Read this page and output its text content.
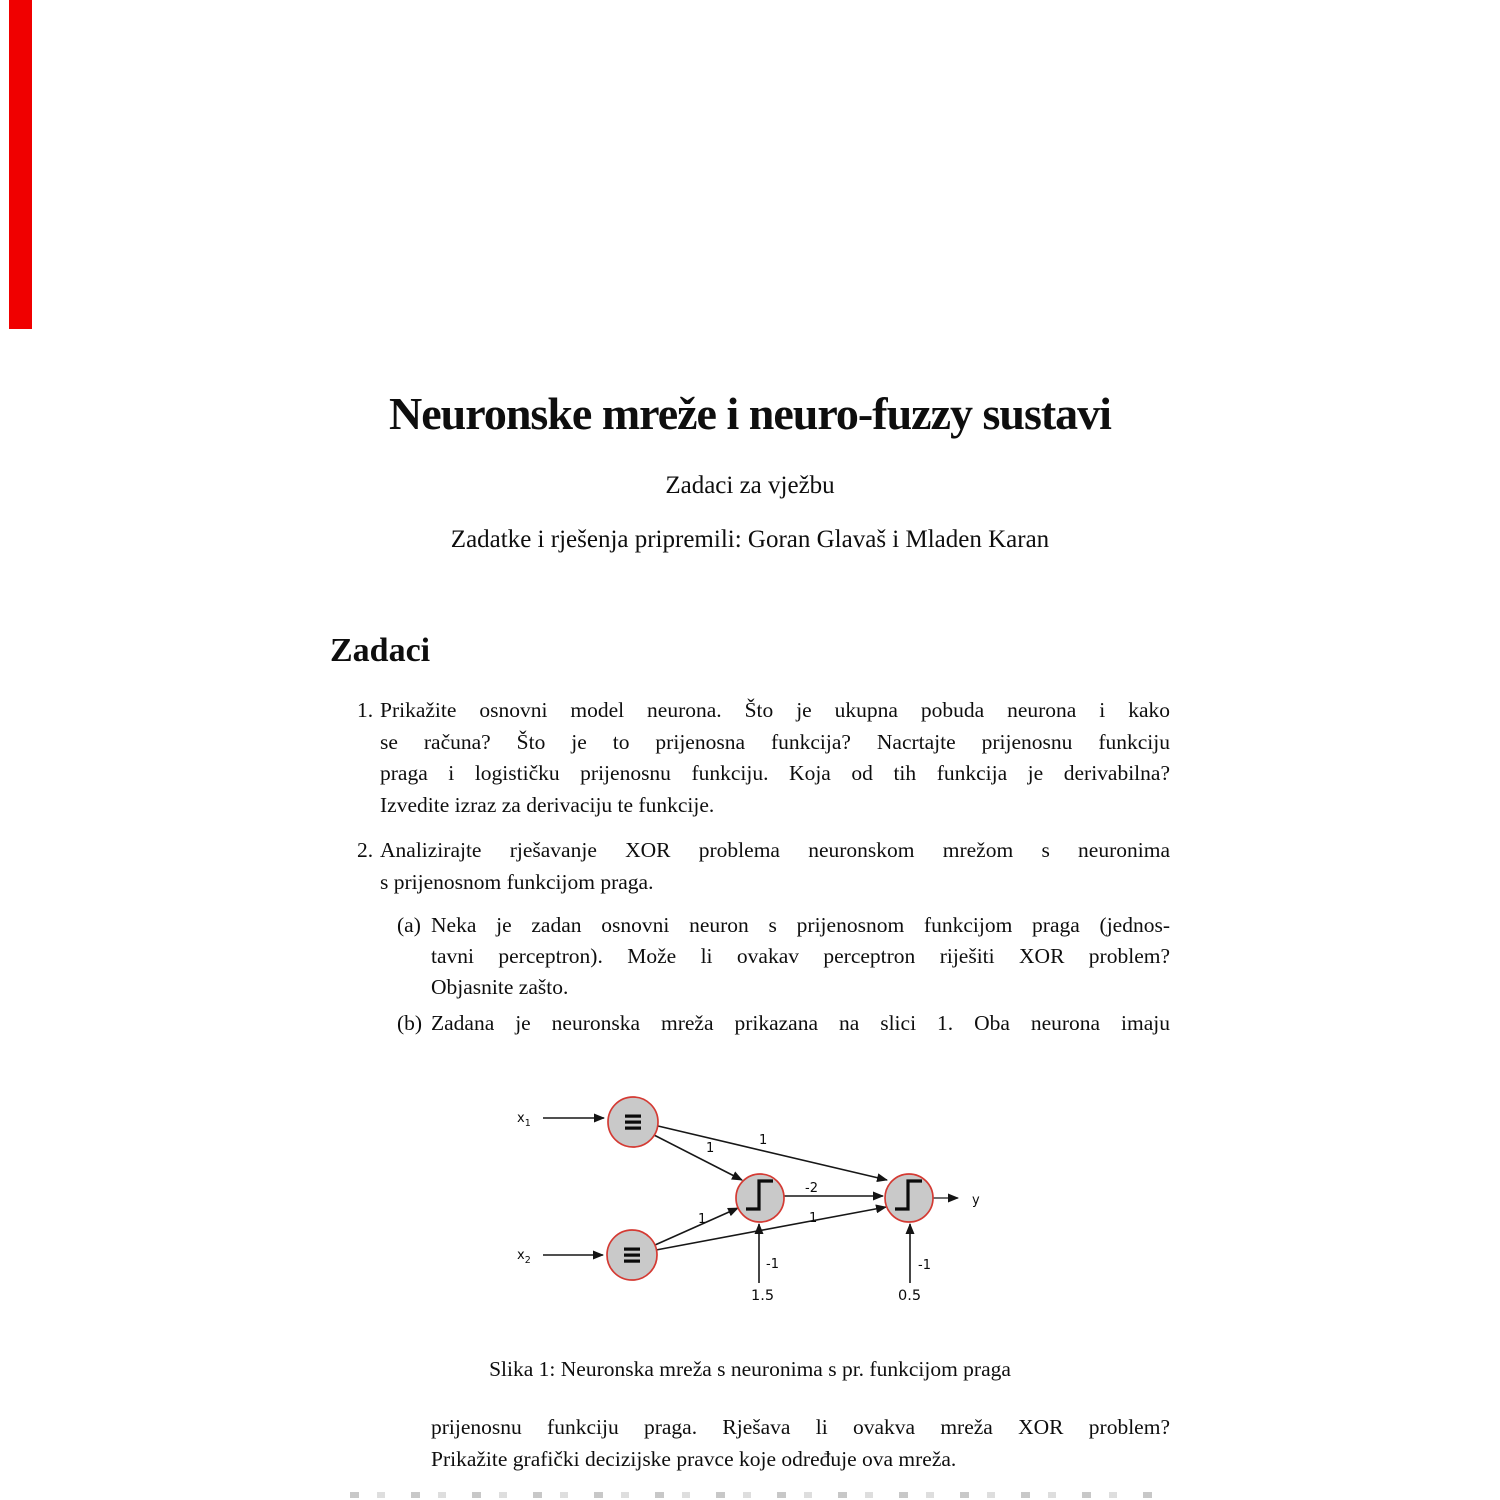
Neuronske mreže i neuro-fuzzy sustavi
Zadaci za vježbu
Zadatke i rješenja pripremili: Goran Glavaš i Mladen Karan
Zadaci
1. Prikažite osnovni model neurona. Što je ukupna pobuda neurona i kako
se računa? Što je to prijenosna funkcija? Nacrtajte prijenosnu funkciju
praga i logističku prijenosnu funkciju. Koja od tih funkcija je derivabilna?
Izvedite izraz za derivaciju te funkcije.
2. Analizirajte rješavanje XOR problema neuronskom mrežom s neuronima
s prijenosnom funkcijom praga.
(a) Neka je zadan osnovni neuron s prijenosnom funkcijom praga (jednos-
tavni perceptron). Može li ovakav perceptron riješiti XOR problem?
Objasnite zašto.
(b) Zadana je neuronska mreža prikazana na slici 1. Oba neurona imaju
$x_1$
$x_2$
1
1
1	1
-2
-1	-1
1.5	0.5
y
Slika 1: Neuronska mreža s neuronima s pr. funkcijom praga
prijenosnu funkciju praga. Rješava li ovakva mreža XOR problem?
Prikažite grafički decizijske pravce koje određuje ova mreža.
